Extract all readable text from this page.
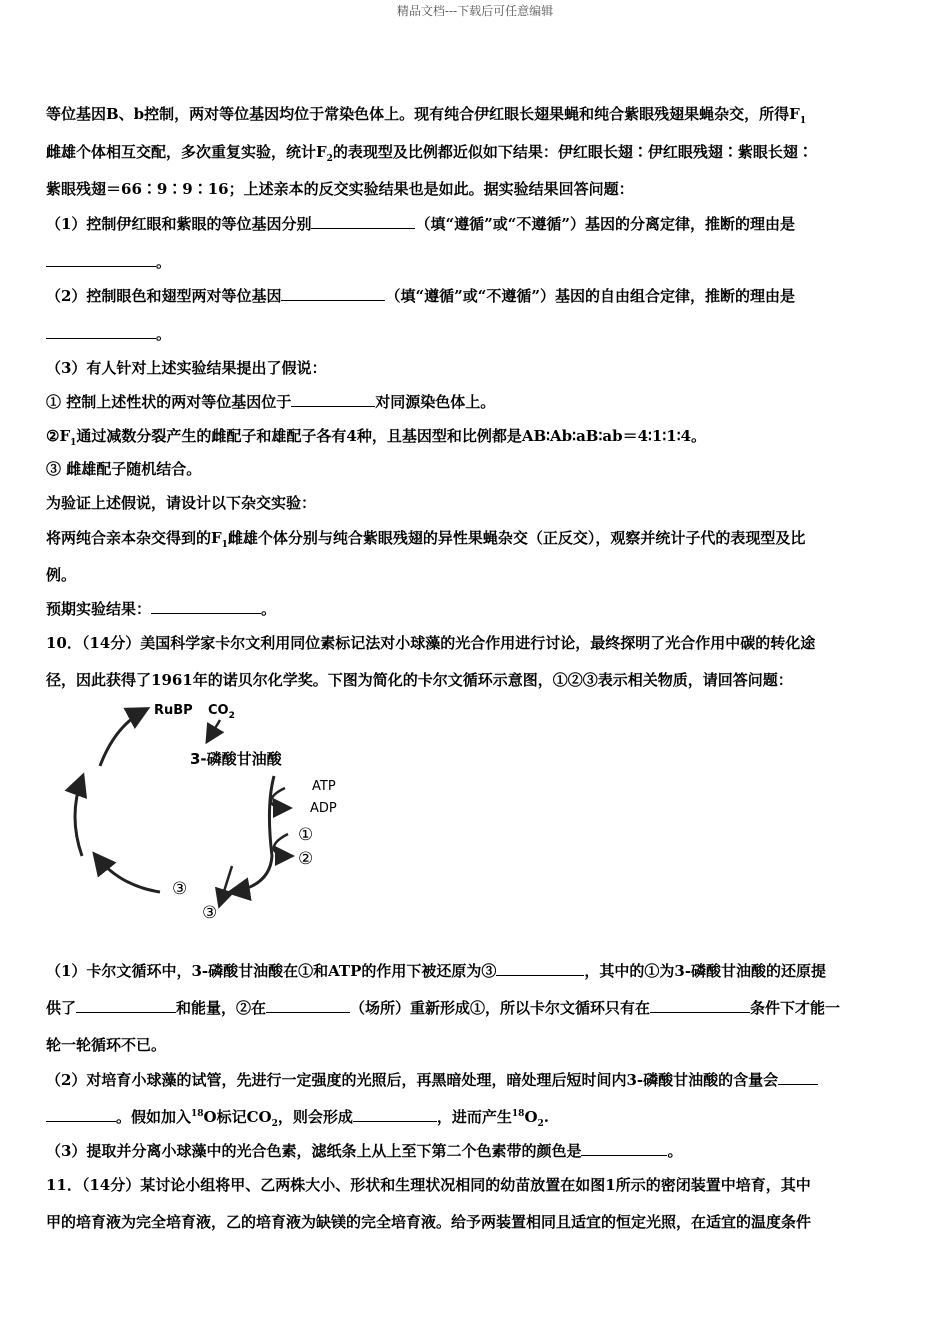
精品文档---下载后可任意编辑
等位基因B、b控制，两对等位基因均位于常染色体上。现有纯合伊红眼长翅果蝇和纯合紫眼残翅果蝇杂交，所得$F_1$
雌雄个体相互交配，多次重复实验，统计$F_2$的表现型及比例都近似如下结果：伊红眼长翅∶伊红眼残翅∶紫眼长翅∶
紫眼残翅＝66∶9∶9∶16；上述亲本的反交实验结果也是如此。据实验结果回答问题：
（1）控制伊红眼和紫眼的等位基因分别	（填“遵循”或“不遵循”）基因的分离定律，推断的理由是
。
（2）控制眼色和翅型两对等位基因	（填“遵循”或“不遵循”）基因的自由组合定律，推断的理由是
。
（3）有人针对上述实验结果提出了假说：
① 控制上述性状的两对等位基因位于	对同源染色体上。
$②F_1$通过减数分裂产生的雌配子和雄配子各有4种，且基因型和比例都是AB∶Ab∶aB∶ab＝4∶1∶1∶4。
③ 雌雄配子随机结合。
为验证上述假说，请设计以下杂交实验：
将两纯合亲本杂交得到的$F_1$雌雄个体分别与纯合紫眼残翅的异性果蝇杂交（正反交），观察并统计子代的表现型及比
例。
预期实验结果：	。
10．（14分）美国科学家卡尔文利用同位素标记法对小球藻的光合作用进行讨论，最终探明了光合作用中碳的转化途
径，因此获得了1961年的诺贝尔化学奖。下图为简化的卡尔文循环示意图，①②③表示相关物质，请回答问题：
RuBP $CO_2$
3-磷酸甘油酸
ATP
ADP
①
②
③
③
（1）卡尔文循环中，3-磷酸甘油酸在①和ATP的作用下被还原为③	，其中的①为3-磷酸甘油酸的还原提
供了	和能量，②在	（场所）重新形成①，所以卡尔文循环只有在	条件下才能一
轮一轮循环不已。
（2）对培育小球藻的试管，先进行一定强度的光照后，再黑暗处理，暗处理后短时间内3-磷酸甘油酸的含量会
。假如加入$^{18}$O标记$CO_2$，则会形成	，进而产生$^{18}O_2$.
（3）提取并分离小球藻中的光合色素，滤纸条上从上至下第二个色素带的颜色是	。
11．（14分）某讨论小组将甲、乙两株大小、形状和生理状况相同的幼苗放置在如图1所示的密闭装置中培育，其中
甲的培育液为完全培育液，乙的培育液为缺镁的完全培育液。给予两装置相同且适宜的恒定光照，在适宜的温度条件
